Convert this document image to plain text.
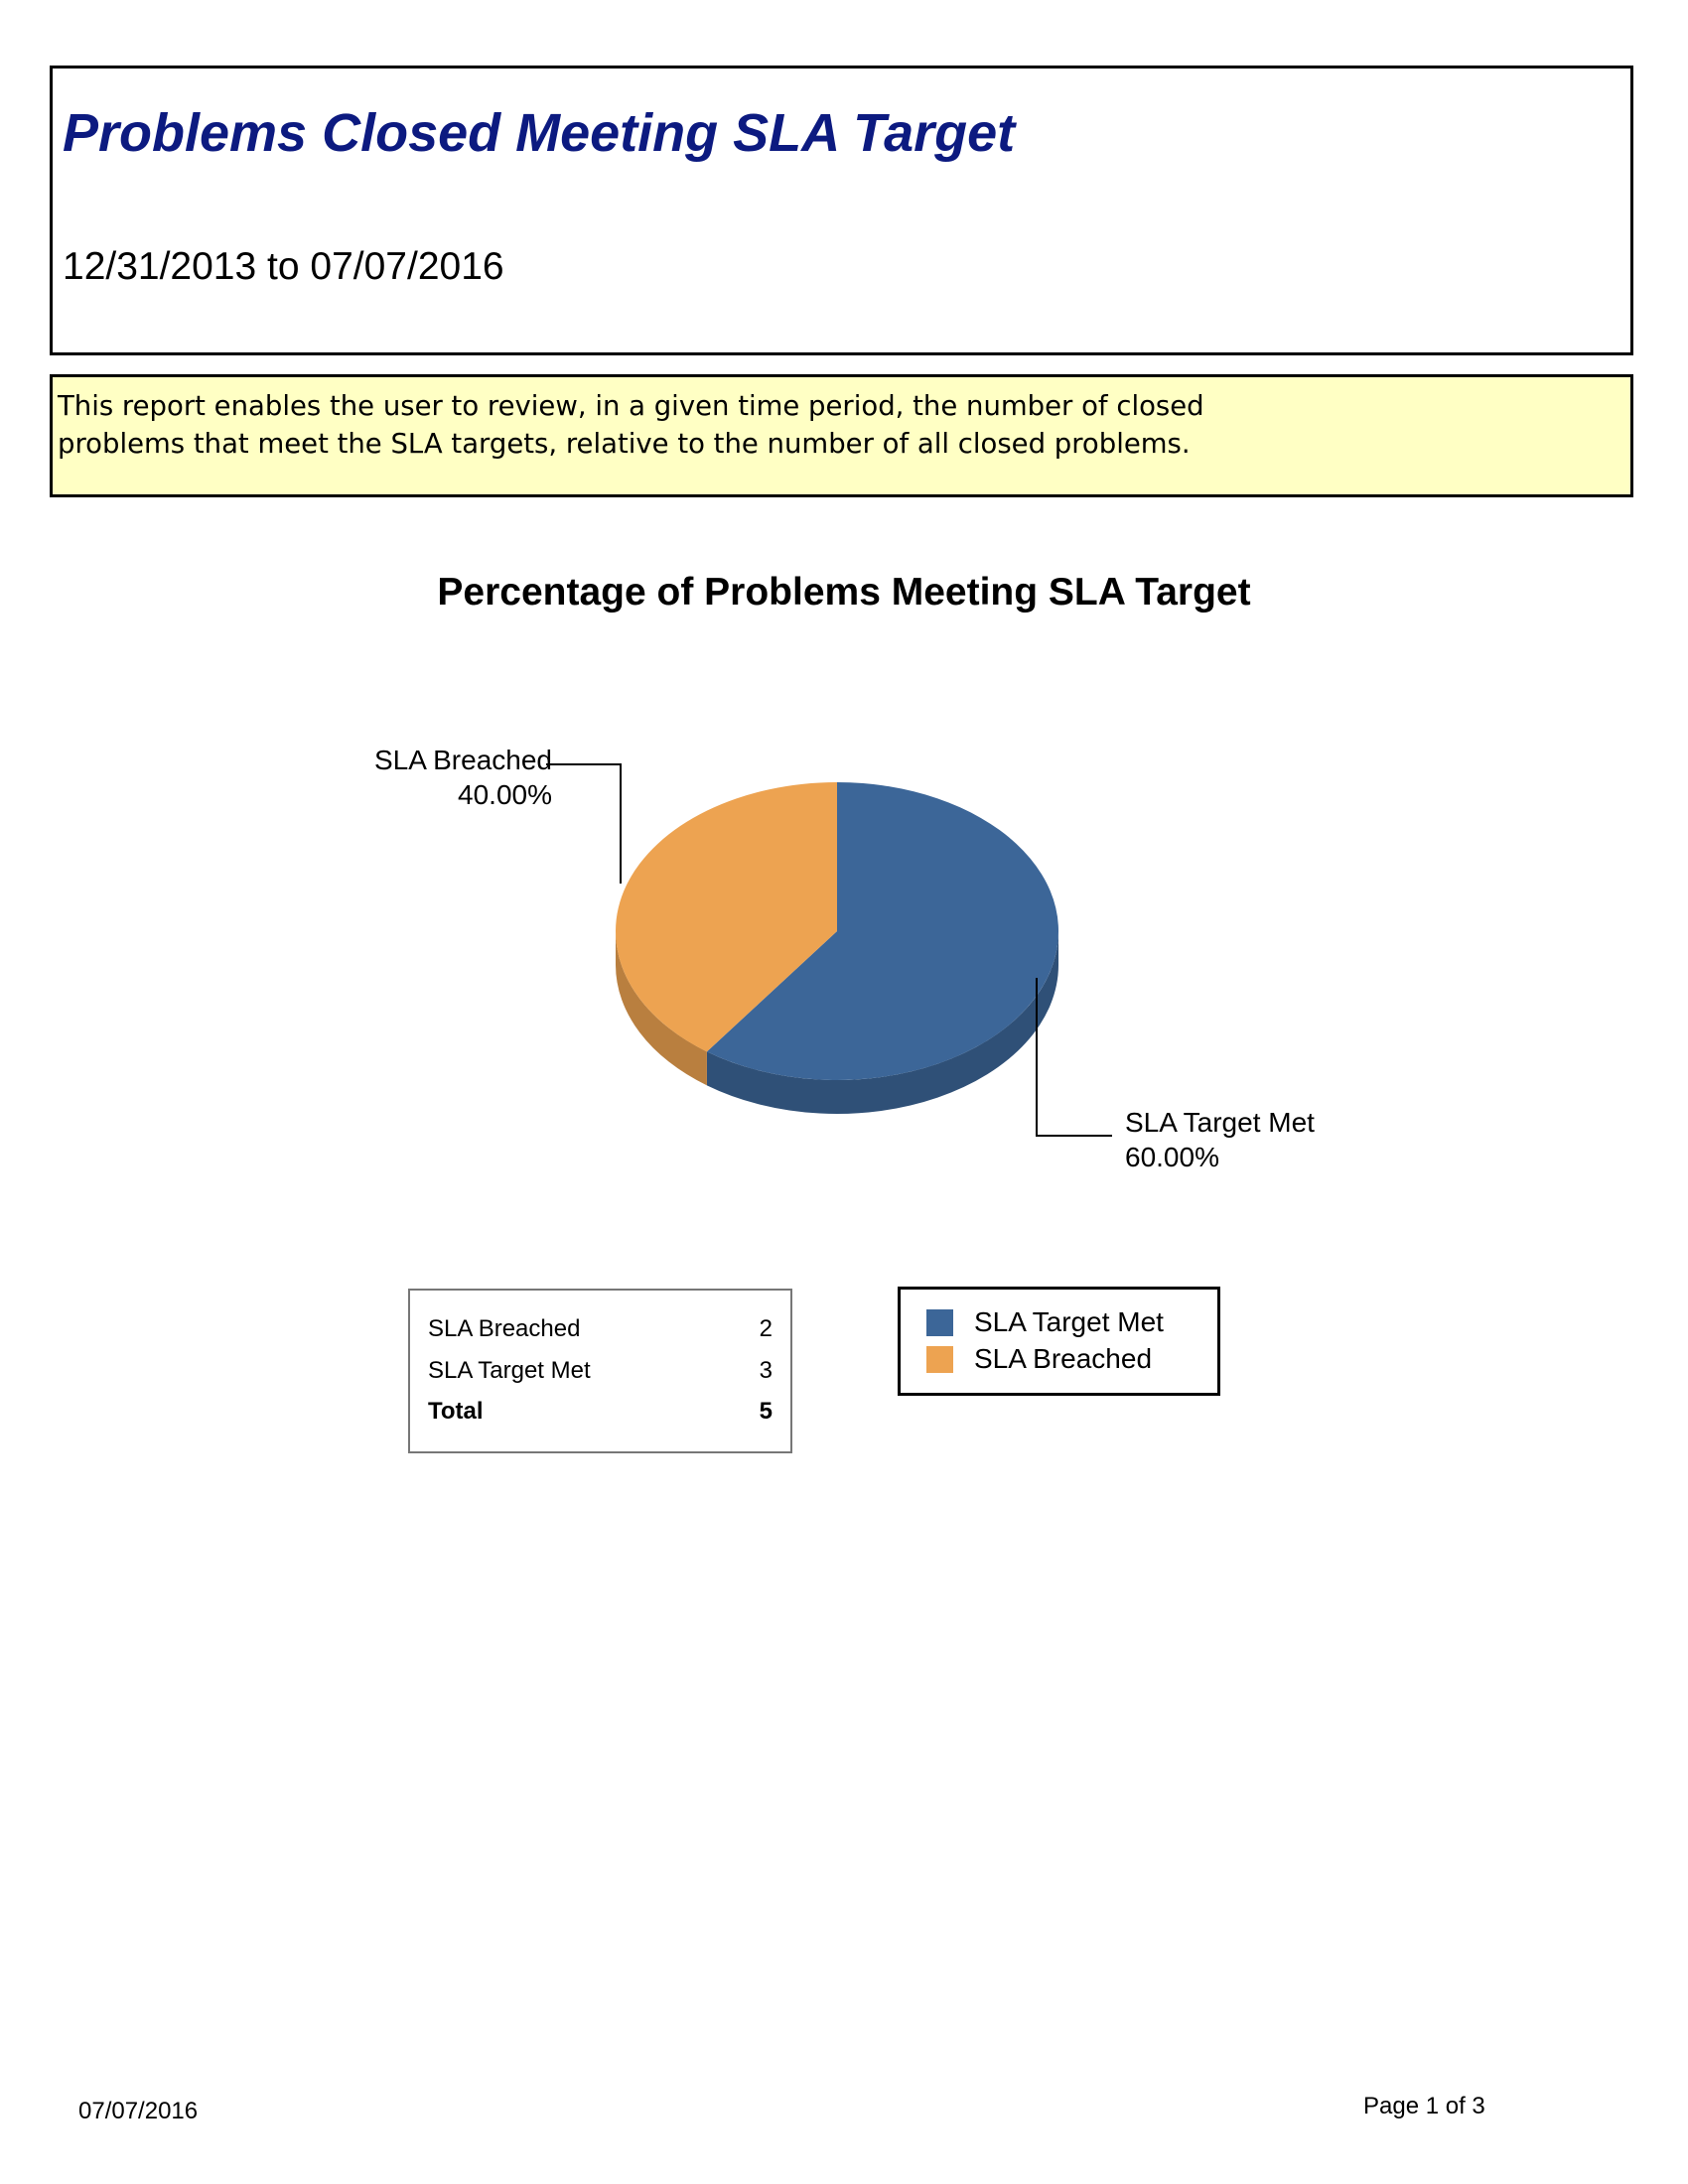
Problems Closed Meeting SLA Target
12/31/2013 to 07/07/2016
This report enables the user to review, in a given time period, the number of closed
problems that meet the SLA targets, relative to the number of all closed problems.
Percentage of Problems Meeting SLA Target
SLA Breached
40.00%
SLA Target Met
60.00%
SLA Breached	2
SLA Target Met	3
Total	5
SLA Target Met
SLA Breached
07/07/2016	Page 1 of 3
